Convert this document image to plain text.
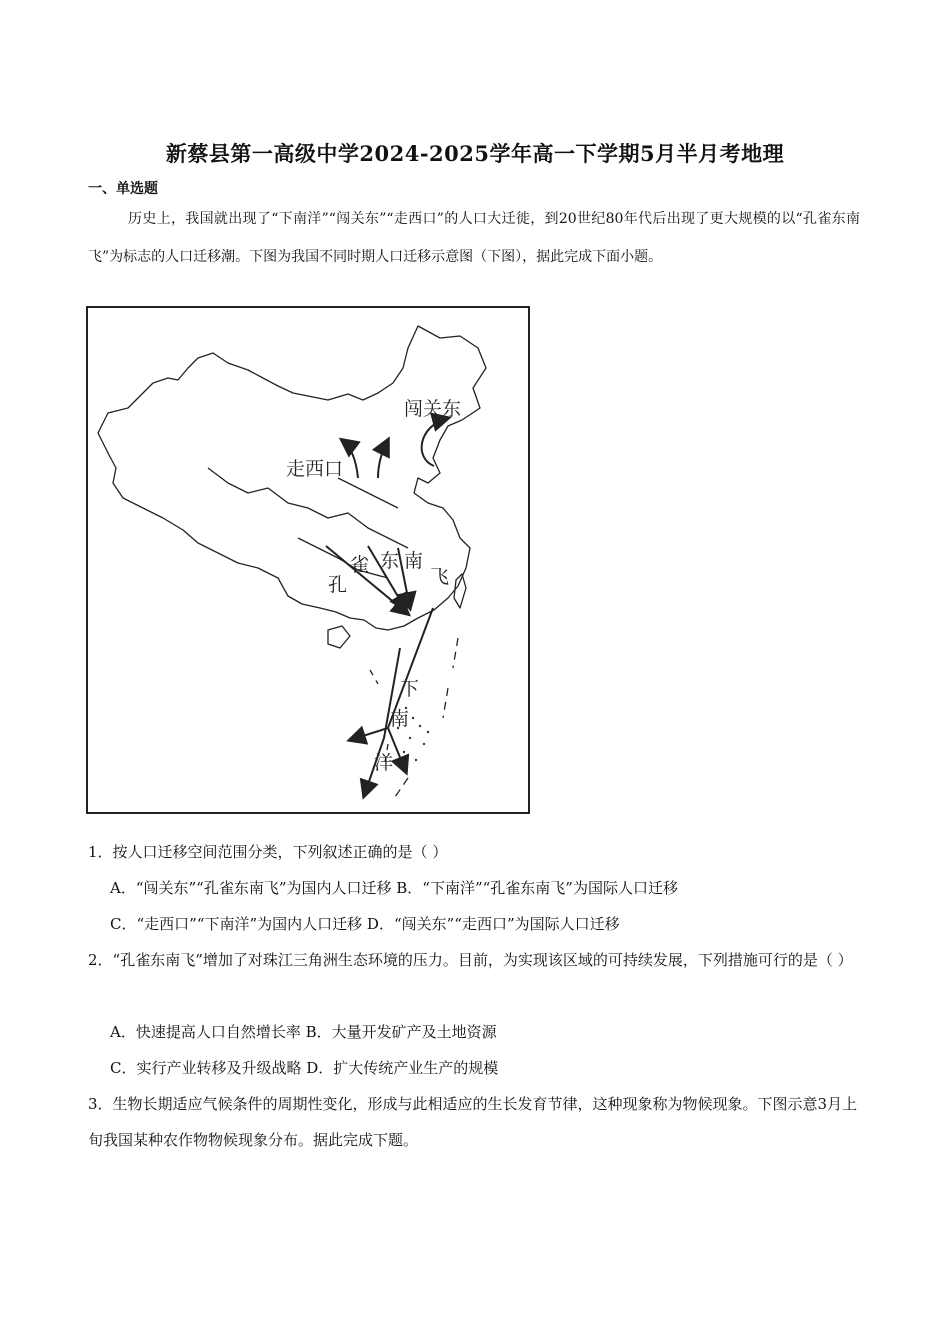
新蔡县第一高级中学2024-2025学年高一下学期5月半月考地理
一、单选题
历史上，我国就出现了“下南洋”“闯关东”“走西口”的人口大迁徙，到20世纪80年代后出现了更大规模的以“孔雀东南飞”为标志的人口迁移潮。下图为我国不同时期人口迁移示意图（下图），据此完成下面小题。
闯关东
走西口
孔
雀 东 南
飞
下
南
洋
1．按人口迁移空间范围分类，下列叙述正确的是（ ）
A．“闯关东”“孔雀东南飞”为国内人口迁移 B．“下南洋”“孔雀东南飞”为国际人口迁移
C．“走西口”“下南洋”为国内人口迁移 D．“闯关东”“走西口”为国际人口迁移
2．“孔雀东南飞”增加了对珠江三角洲生态环境的压力。目前，为实现该区域的可持续发展，下列措施可行的是（ ）
A．快速提高人口自然增长率 B．大量开发矿产及土地资源
C．实行产业转移及升级战略 D．扩大传统产业生产的规模
3．生物长期适应气候条件的周期性变化，形成与此相适应的生长发育节律，这种现象称为物候现象。下图示意3月上旬我国某种农作物物候现象分布。据此完成下题。
